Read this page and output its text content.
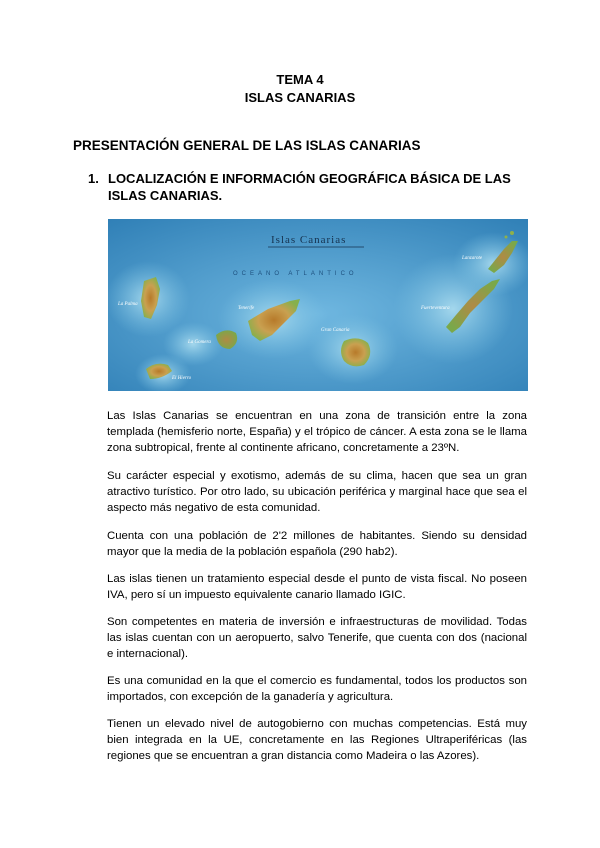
TEMA 4
ISLAS CANARIAS
PRESENTACIÓN GENERAL DE LAS ISLAS CANARIAS
1. LOCALIZACIÓN E INFORMACIÓN GEOGRÁFICA BÁSICA DE LAS ISLAS CANARIAS.
Islas Canarias
OCEANO ATLANTICO
La Palma
La Gomera
El Hierro
Tenerife
Gran Canaria
Fuerteventura
Lanzarote

Las Islas Canarias se encuentran en una zona de transición entre la zona templada (hemisferio norte, España) y el trópico de cáncer. A esta zona se le llama zona subtropical, frente al continente africano, concretamente a 23ºN.

Su carácter especial y exotismo, además de su clima, hacen que sea un gran atractivo turístico. Por otro lado, su ubicación periférica y marginal hace que sea el aspecto más negativo de esta comunidad.

Cuenta con una población de 2'2 millones de habitantes. Siendo su densidad mayor que la media de la población española (290 hab2).

Las islas tienen un tratamiento especial desde el punto de vista fiscal. No poseen IVA, pero sí un impuesto equivalente canario llamado IGIC.

Son competentes en materia de inversión e infraestructuras de movilidad. Todas las islas cuentan con un aeropuerto, salvo Tenerife, que cuenta con dos (nacional e internacional).

Es una comunidad en la que el comercio es fundamental, todos los productos son importados, con excepción de la ganadería y agricultura.

Tienen un elevado nivel de autogobierno con muchas competencias. Está muy bien integrada en la UE, concretamente en las Regiones Ultraperiféricas (las regiones que se encuentran a gran distancia como Madeira o las Azores).
